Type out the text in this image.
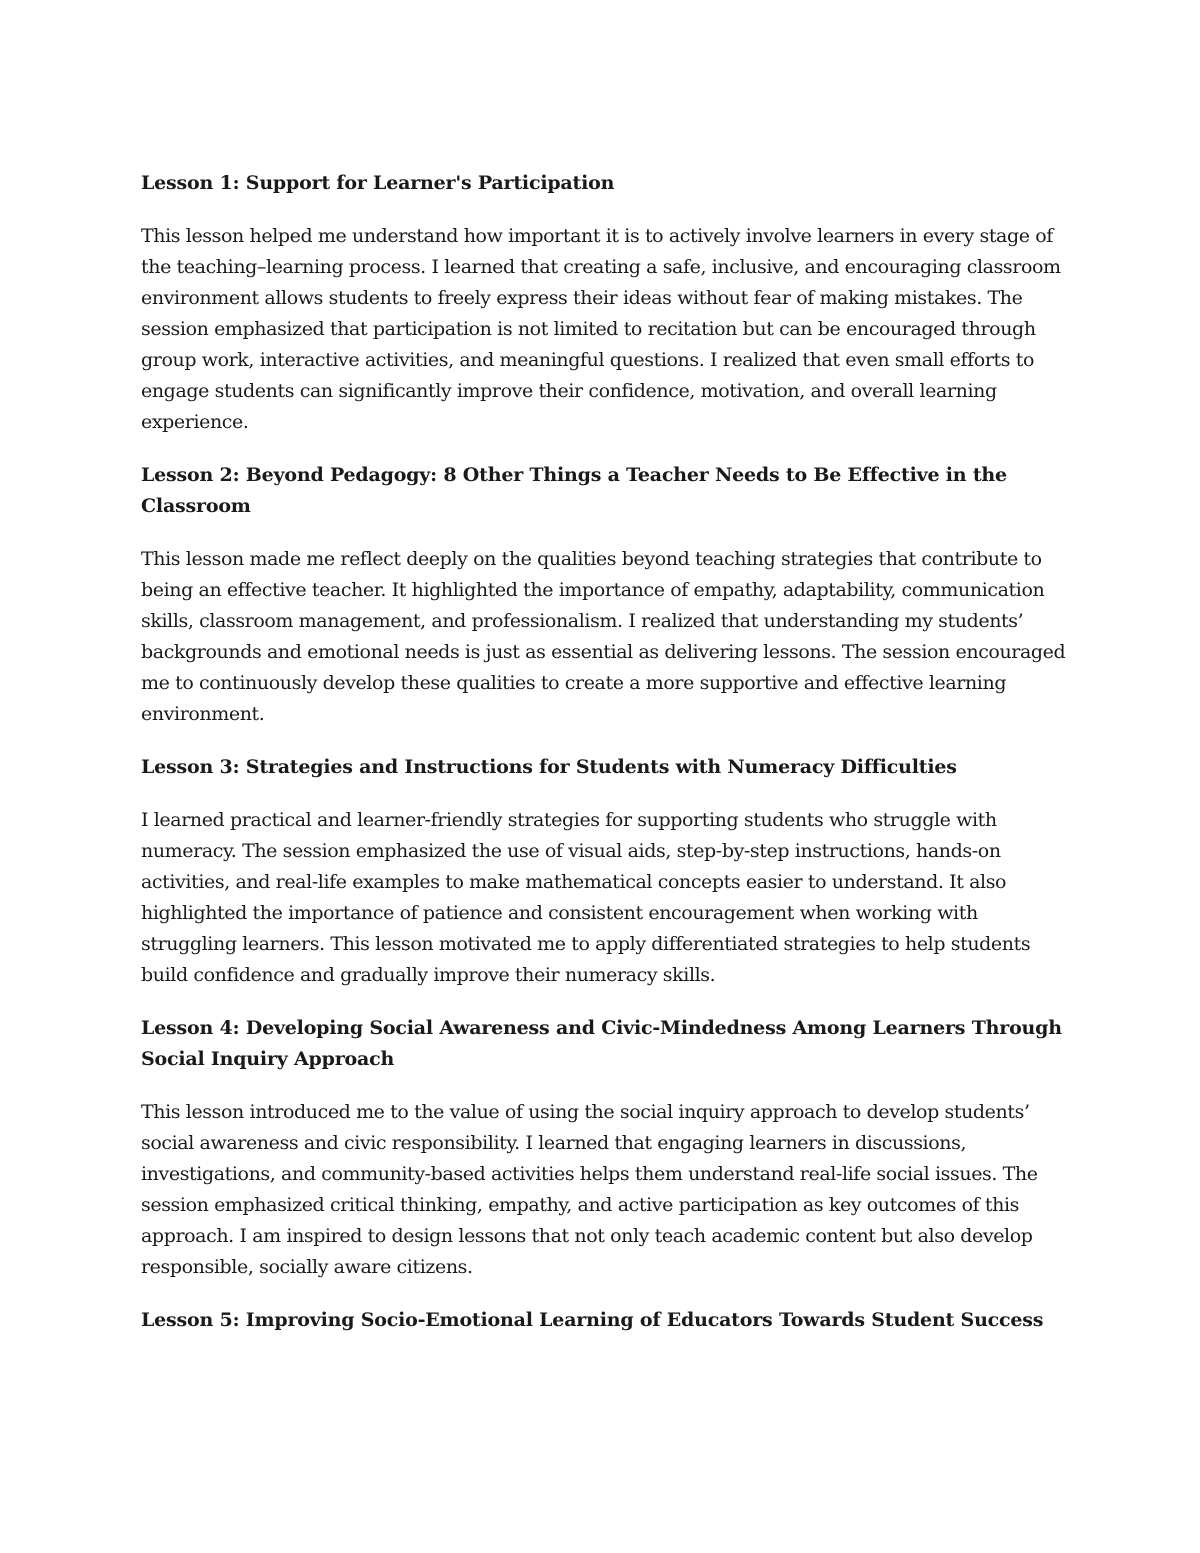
Lesson 1: Support for Learner's Participation

This lesson helped me understand how important it is to actively involve learners in every stage of the teaching–learning process. I learned that creating a safe, inclusive, and encouraging classroom environment allows students to freely express their ideas without fear of making mistakes. The session emphasized that participation is not limited to recitation but can be encouraged through group work, interactive activities, and meaningful questions. I realized that even small efforts to engage students can significantly improve their confidence, motivation, and overall learning experience.

Lesson 2: Beyond Pedagogy: 8 Other Things a Teacher Needs to Be Effective in the Classroom

This lesson made me reflect deeply on the qualities beyond teaching strategies that contribute to being an effective teacher. It highlighted the importance of empathy, adaptability, communication skills, classroom management, and professionalism. I realized that understanding my students’ backgrounds and emotional needs is just as essential as delivering lessons. The session encouraged me to continuously develop these qualities to create a more supportive and effective learning environment.

Lesson 3: Strategies and Instructions for Students with Numeracy Difficulties

I learned practical and learner-friendly strategies for supporting students who struggle with numeracy. The session emphasized the use of visual aids, step-by-step instructions, hands-on activities, and real-life examples to make mathematical concepts easier to understand. It also highlighted the importance of patience and consistent encouragement when working with struggling learners. This lesson motivated me to apply differentiated strategies to help students build confidence and gradually improve their numeracy skills.

Lesson 4: Developing Social Awareness and Civic-Mindedness Among Learners Through Social Inquiry Approach

This lesson introduced me to the value of using the social inquiry approach to develop students’ social awareness and civic responsibility. I learned that engaging learners in discussions, investigations, and community-based activities helps them understand real-life social issues. The session emphasized critical thinking, empathy, and active participation as key outcomes of this approach. I am inspired to design lessons that not only teach academic content but also develop responsible, socially aware citizens.

Lesson 5: Improving Socio-Emotional Learning of Educators Towards Student Success
